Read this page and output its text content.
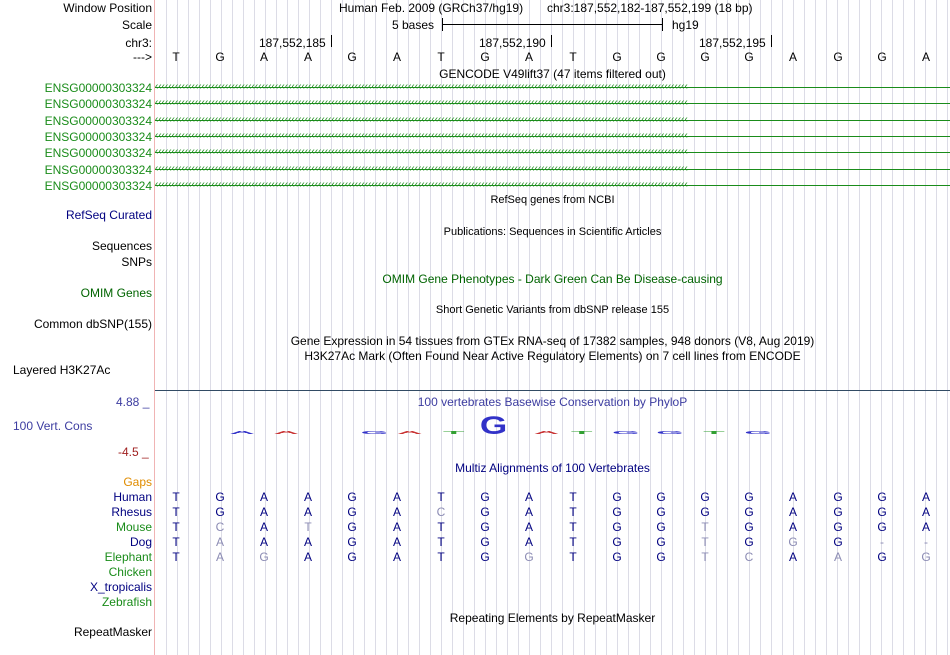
Window Position	Human Feb. 2009 (GRCh37/hg19) chr3:187,552,182-187,552,199 (18 bp)
Scale	5 bases	hg19
chr3:	187,552,185	187,552,190	187,552,195
--->	T	G	A	A	G	A	T	G	A	T	G	G	G	G	A	G	G	A
GENCODE V49lift37 (47 items filtered out)
ENSG00000303324 ‹‹‹‹‹‹‹‹‹‹‹‹‹‹‹‹‹‹‹‹‹‹‹‹‹‹‹‹‹‹‹‹‹‹‹‹‹‹‹‹‹‹‹‹‹‹‹‹‹‹‹‹‹‹‹‹‹‹‹‹‹‹‹‹‹‹‹‹‹‹‹‹‹‹‹‹‹‹‹‹‹‹‹‹‹‹‹‹‹‹‹‹‹‹‹‹‹‹‹‹‹‹‹‹‹‹‹‹‹‹‹‹‹‹‹‹‹‹‹‹‹‹‹‹‹‹‹‹‹‹‹‹‹‹‹‹‹‹‹‹‹‹‹‹‹‹‹‹‹‹‹‹‹‹‹‹‹‹‹‹
ENSG00000303324 ‹‹‹‹‹‹‹‹‹‹‹‹‹‹‹‹‹‹‹‹‹‹‹‹‹‹‹‹‹‹‹‹‹‹‹‹‹‹‹‹‹‹‹‹‹‹‹‹‹‹‹‹‹‹‹‹‹‹‹‹‹‹‹‹‹‹‹‹‹‹‹‹‹‹‹‹‹‹‹‹‹‹‹‹‹‹‹‹‹‹‹‹‹‹‹‹‹‹‹‹‹‹‹‹‹‹‹‹‹‹‹‹‹‹‹‹‹‹‹‹‹‹‹‹‹‹‹‹‹‹‹‹‹‹‹‹‹‹‹‹‹‹‹‹‹‹‹‹‹‹‹‹‹‹‹‹‹‹‹‹
ENSG00000303324 ‹‹‹‹‹‹‹‹‹‹‹‹‹‹‹‹‹‹‹‹‹‹‹‹‹‹‹‹‹‹‹‹‹‹‹‹‹‹‹‹‹‹‹‹‹‹‹‹‹‹‹‹‹‹‹‹‹‹‹‹‹‹‹‹‹‹‹‹‹‹‹‹‹‹‹‹‹‹‹‹‹‹‹‹‹‹‹‹‹‹‹‹‹‹‹‹‹‹‹‹‹‹‹‹‹‹‹‹‹‹‹‹‹‹‹‹‹‹‹‹‹‹‹‹‹‹‹‹‹‹‹‹‹‹‹‹‹‹‹‹‹‹‹‹‹‹‹‹‹‹‹‹‹‹‹‹‹‹‹‹
ENSG00000303324 ‹‹‹‹‹‹‹‹‹‹‹‹‹‹‹‹‹‹‹‹‹‹‹‹‹‹‹‹‹‹‹‹‹‹‹‹‹‹‹‹‹‹‹‹‹‹‹‹‹‹‹‹‹‹‹‹‹‹‹‹‹‹‹‹‹‹‹‹‹‹‹‹‹‹‹‹‹‹‹‹‹‹‹‹‹‹‹‹‹‹‹‹‹‹‹‹‹‹‹‹‹‹‹‹‹‹‹‹‹‹‹‹‹‹‹‹‹‹‹‹‹‹‹‹‹‹‹‹‹‹‹‹‹‹‹‹‹‹‹‹‹‹‹‹‹‹‹‹‹‹‹‹‹‹‹‹‹‹‹‹
ENSG00000303324 ‹‹‹‹‹‹‹‹‹‹‹‹‹‹‹‹‹‹‹‹‹‹‹‹‹‹‹‹‹‹‹‹‹‹‹‹‹‹‹‹‹‹‹‹‹‹‹‹‹‹‹‹‹‹‹‹‹‹‹‹‹‹‹‹‹‹‹‹‹‹‹‹‹‹‹‹‹‹‹‹‹‹‹‹‹‹‹‹‹‹‹‹‹‹‹‹‹‹‹‹‹‹‹‹‹‹‹‹‹‹‹‹‹‹‹‹‹‹‹‹‹‹‹‹‹‹‹‹‹‹‹‹‹‹‹‹‹‹‹‹‹‹‹‹‹‹‹‹‹‹‹‹‹‹‹‹‹‹‹‹
ENSG00000303324 ‹‹‹‹‹‹‹‹‹‹‹‹‹‹‹‹‹‹‹‹‹‹‹‹‹‹‹‹‹‹‹‹‹‹‹‹‹‹‹‹‹‹‹‹‹‹‹‹‹‹‹‹‹‹‹‹‹‹‹‹‹‹‹‹‹‹‹‹‹‹‹‹‹‹‹‹‹‹‹‹‹‹‹‹‹‹‹‹‹‹‹‹‹‹‹‹‹‹‹‹‹‹‹‹‹‹‹‹‹‹‹‹‹‹‹‹‹‹‹‹‹‹‹‹‹‹‹‹‹‹‹‹‹‹‹‹‹‹‹‹‹‹‹‹‹‹‹‹‹‹‹‹‹‹‹‹‹‹‹‹
ENSG00000303324 ‹‹‹‹‹‹‹‹‹‹‹‹‹‹‹‹‹‹‹‹‹‹‹‹‹‹‹‹‹‹‹‹‹‹‹‹‹‹‹‹‹‹‹‹‹‹‹‹‹‹‹‹‹‹‹‹‹‹‹‹‹‹‹‹‹‹‹‹‹‹‹‹‹‹‹‹‹‹‹‹‹‹‹‹‹‹‹‹‹‹‹‹‹‹‹‹‹‹‹‹‹‹‹‹‹‹‹‹‹‹‹‹‹‹‹‹‹‹‹‹‹‹‹‹‹‹‹‹‹‹‹‹‹‹‹‹‹‹‹‹‹‹‹‹‹‹‹‹‹‹‹‹‹‹‹‹‹‹‹‹
RefSeq Curated
RefSeq genes from NCBI
Publications: Sequences in Scientific Articles
Sequences
SNPs
OMIM Gene Phenotypes - Dark Green Can Be Disease-causing
OMIM Genes
Short Genetic Variants from dbSNP release 155
Common dbSNP(155)
Gene Expression in 54 tissues from GTEx RNA-seq of 17382 samples, 948 donors (V8, Aug 2019)
H3K27Ac Mark (Often Found Near Active Regulatory Elements) on 7 cell lines from ENCODE
Layered H3K27Ac
4.88 _	100 vertebrates Basewise Conservation by PhyloP
100 Vert. Cons	A A	G A T G A T G G T G
-4.5 _
Multiz Alignments of 100 Vertebrates
Gaps
Human	T	G	A	A	G	A	T	G	A	T	G	G	G	G	A	G	G	A
Rhesus	T	G	A	A	G	A	C	G	A	T	G	G	G	G	A	G	G	A
Mouse	T	C	A	T	G	A	T	G	A	T	G	G	T	G	A	G	G	A
Dog	T	A	A	A	G	A	T	G	A	T	G	G	T	G	G	G	-	-
Elephant	T	A	G	A	G	A	T	G	G	T	G	G	T	C	A	A	G	G
Chicken
X_tropicalis
Zebrafish
Repeating Elements by RepeatMasker
RepeatMasker
